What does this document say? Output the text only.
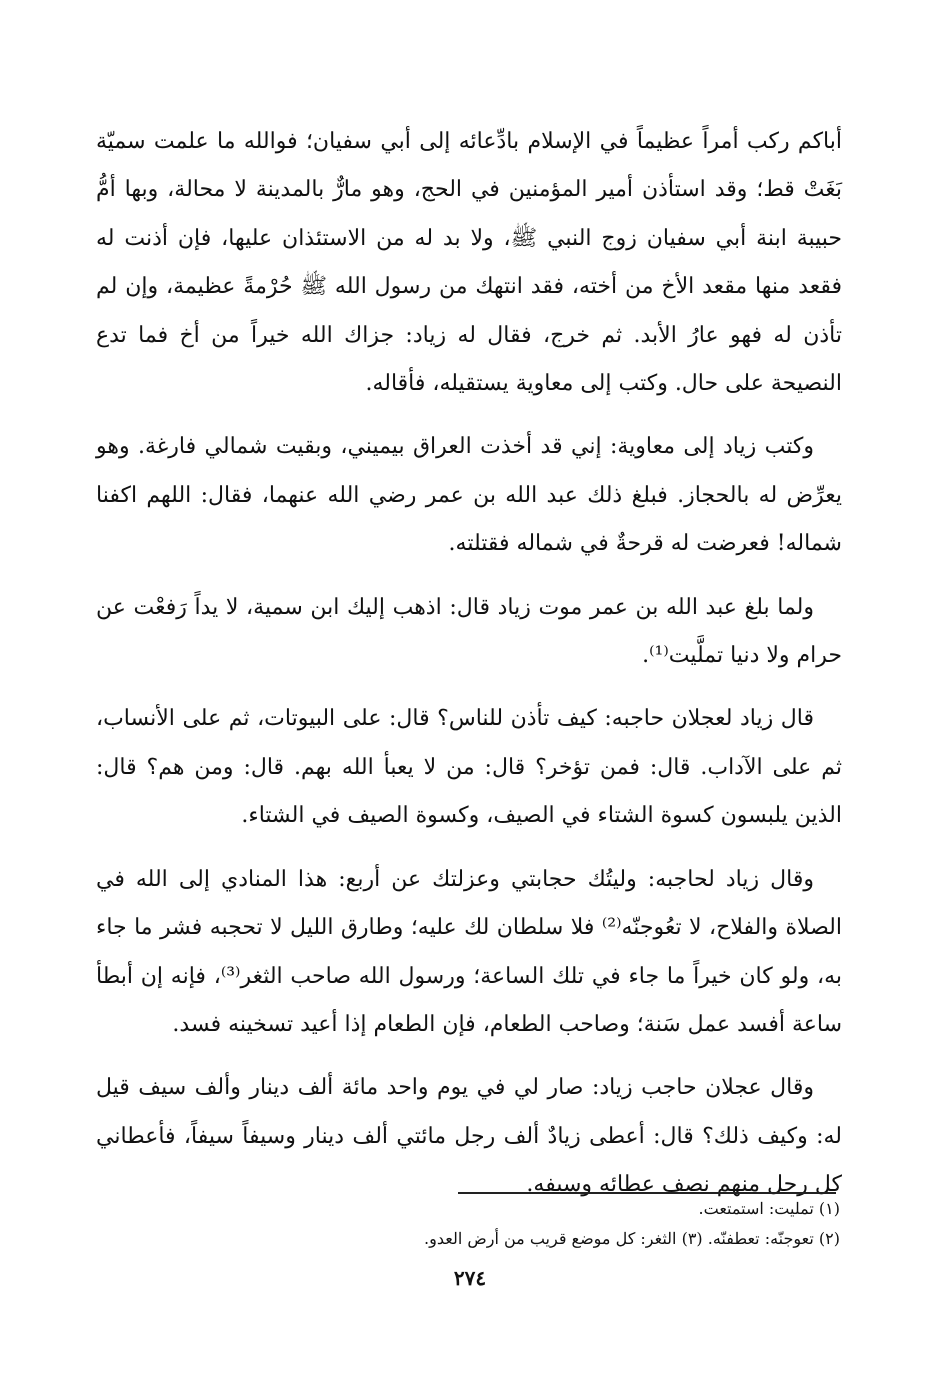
أباكم ركب أمراً عظيماً في الإسلام بادِّعائه إلى أبي سفيان؛ فوالله ما علمت سميّة بَغَتْ قط؛ وقد استأذن أمير المؤمنين في الحج، وهو مارٌّ بالمدينة لا محالة، وبها أمُّ حبيبة ابنة أبي سفيان زوج النبي ﷺ، ولا بد له من الاستئذان عليها، فإن أذنت له فقعد منها مقعد الأخ من أخته، فقد انتهك من رسول الله ﷺ حُرْمةً عظيمة، وإن لم تأذن له فهو عارُ الأبد. ثم خرج، فقال له زياد: جزاك الله خيراً من أخ فما تدع النصيحة على حال. وكتب إلى معاوية يستقيله، فأقاله.

وكتب زياد إلى معاوية: إني قد أخذت العراق بيميني، وبقيت شمالي فارغة. وهو يعرِّض له بالحجاز. فبلغ ذلك عبد الله بن عمر رضي الله عنهما، فقال: اللهم اكفنا شماله! فعرضت له قرحةٌ في شماله فقتلته.

ولما بلغ عبد الله بن عمر موت زياد قال: اذهب إليك ابن سمية، لا يداً رَفعْت عن حرام ولا دنيا تملَّيت⁽¹⁾.

قال زياد لعجلان حاجبه: كيف تأذن للناس؟ قال: على البيوتات، ثم على الأنساب، ثم على الآداب. قال: فمن تؤخر؟ قال: من لا يعبأ الله بهم. قال: ومن هم؟ قال: الذين يلبسون كسوة الشتاء في الصيف، وكسوة الصيف في الشتاء.

وقال زياد لحاجبه: وليتُك حجابتي وعزلتك عن أربع: هذا المنادي إلى الله في الصلاة والفلاح، لا تعُوجنّه⁽²⁾ فلا سلطان لك عليه؛ وطارق الليل لا تحجبه فشر ما جاء به، ولو كان خيراً ما جاء في تلك الساعة؛ ورسول الله صاحب الثغر⁽³⁾، فإنه إن أبطأ ساعة أفسد عمل سَنة؛ وصاحب الطعام، فإن الطعام إذا أعيد تسخينه فسد.

وقال عجلان حاجب زياد: صار لي في يوم واحد مائة ألف دينار وألف سيف قيل له: وكيف ذلك؟ قال: أعطى زيادٌ ألف رجل مائتي ألف دينار وسيفاً سيفاً، فأعطاني كل رجل منهم نصف عطائه وسيفه.

(١) تمليت: استمتعت.
(٢) تعوجنّه: تعطفنّه. (٣) الثغر: كل موضع قريب من أرض العدو.
٢٧٤
